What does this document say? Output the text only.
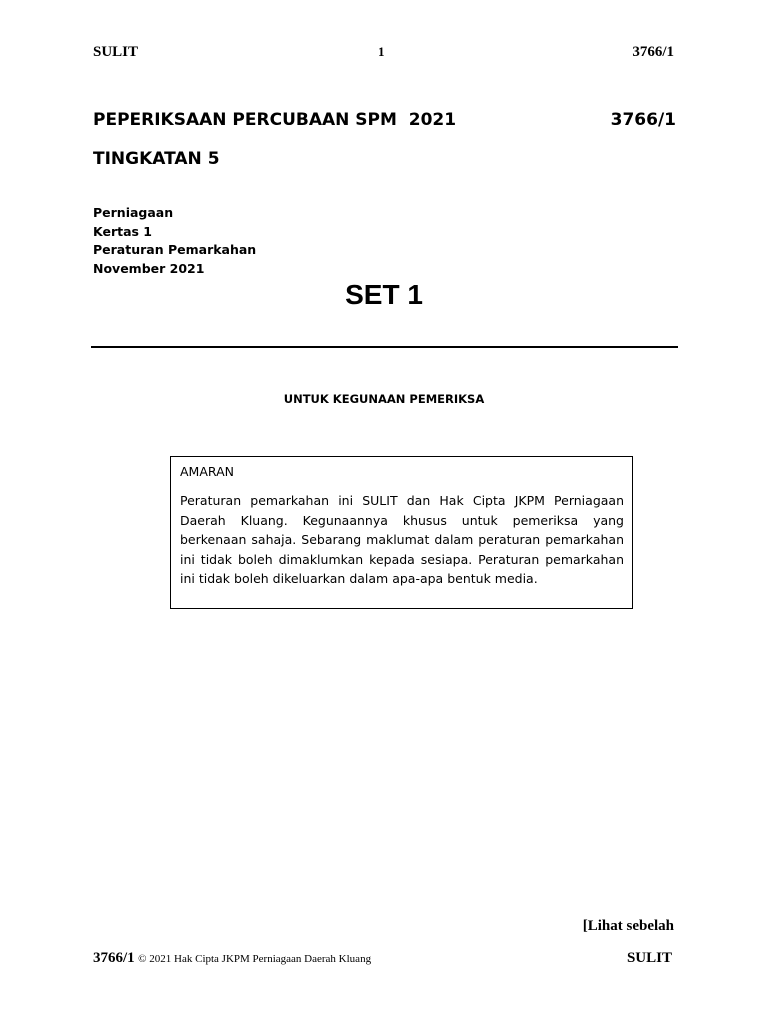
SULIT	1	3766/1
PEPERIKSAAN PERCUBAAN SPM  2021	3766/1
TINGKATAN 5
Perniagaan
Kertas 1
Peraturan Pemarkahan
November 2021
SET 1
UNTUK KEGUNAAN PEMERIKSA
AMARAN
Peraturan pemarkahan ini SULIT dan Hak Cipta JKPM Perniagaan Daerah Kluang. Kegunaannya khusus untuk pemeriksa yang berkenaan sahaja. Sebarang maklumat dalam peraturan pemarkahan ini tidak boleh dimaklumkan kepada sesiapa. Peraturan pemarkahan ini tidak boleh dikeluarkan dalam apa-apa bentuk media.
[Lihat sebelah
3766/1 © 2021 Hak Cipta JKPM Perniagaan Daerah Kluang	SULIT
